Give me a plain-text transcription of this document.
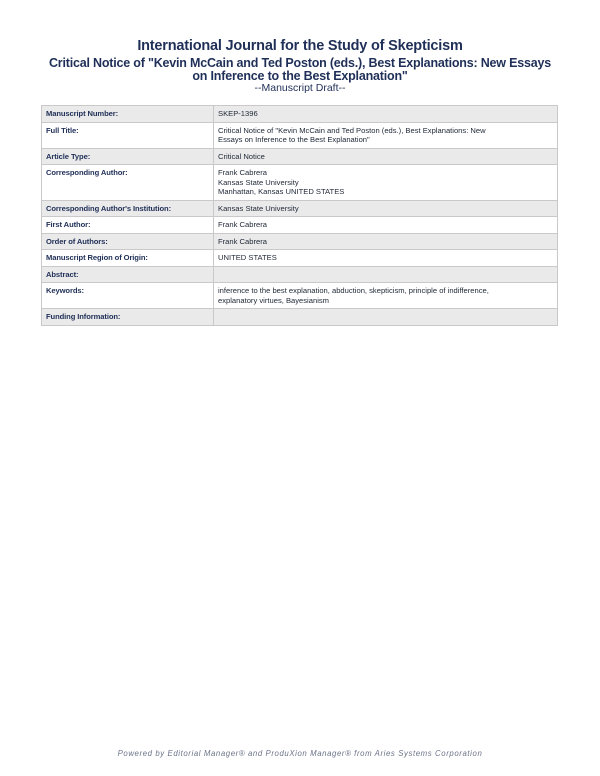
International Journal for the Study of Skepticism
Critical Notice of "Kevin McCain and Ted Poston (eds.), Best Explanations: New Essays on Inference to the Best Explanation"
--Manuscript Draft--
Manuscript Number:	SKEP-1396

Full Title:	Critical Notice of "Kevin McCain and Ted Poston (eds.), Best Explanations: New
Essays on Inference to the Best Explanation"

Article Type:	Critical Notice

Corresponding Author:	Frank Cabrera
Kansas State University
Manhattan, Kansas UNITED STATES

Corresponding Author's Institution:	Kansas State University

First Author:	Frank Cabrera

Order of Authors:	Frank Cabrera

Manuscript Region of Origin:	UNITED STATES

Abstract:	
Keywords:	inference to the best explanation, abduction, skepticism, principle of indifference,
explanatory virtues, Bayesianism

Funding Information:	
Powered by Editorial Manager® and ProduXion Manager® from Aries Systems Corporation
